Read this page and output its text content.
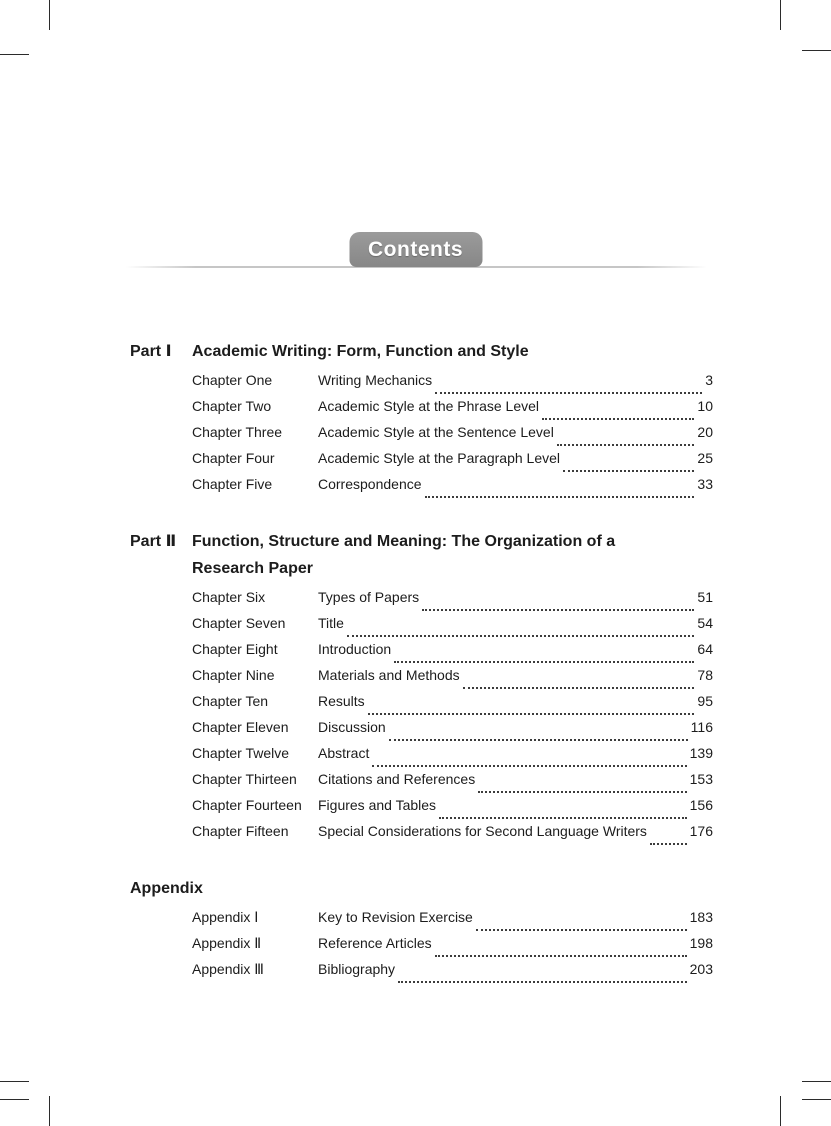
Contents
Part Ⅰ	Academic Writing: Form, Function and Style
Chapter One	Writing Mechanics	3
Chapter Two	Academic Style at the Phrase Level	10
Chapter Three	Academic Style at the Sentence Level	20
Chapter Four	Academic Style at the Paragraph Level	25
Chapter Five	Correspondence	33
Part Ⅱ Function, Structure and Meaning: The Organization of a
Research Paper
Chapter Six	Types of Papers	51
Chapter Seven	Title	54
Chapter Eight	Introduction	64
Chapter Nine	Materials and Methods	78
Chapter Ten	Results	95
Chapter Eleven	Discussion	116
Chapter Twelve	Abstract	139
Chapter Thirteen	Citations and References	153
Chapter Fourteen	Figures and Tables	156
Chapter Fifteen	Special Considerations for Second Language Writers	176
Appendix
Appendix Ⅰ	Key to Revision Exercise	183
Appendix Ⅱ	Reference Articles	198
Appendix Ⅲ	Bibliography	203
